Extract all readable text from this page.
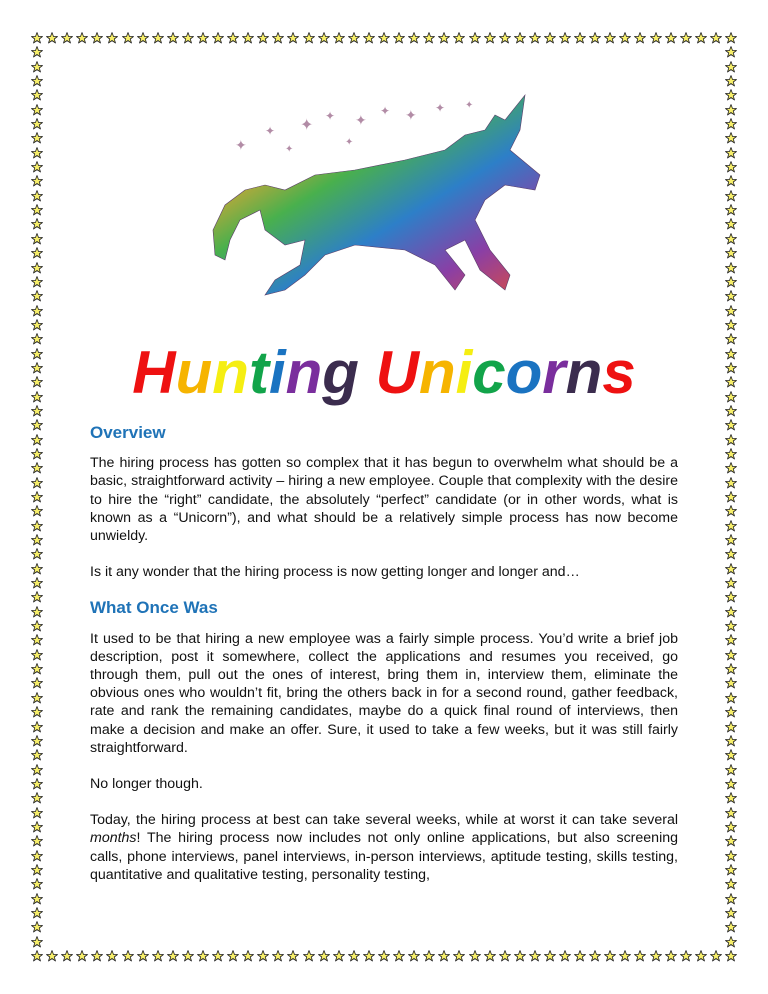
✦
✦ ✦
✦ ✦
✦ ✦ ✦ ✦
✦
✦
Hunting Unicorns
Overview

The hiring process has gotten so complex that it has begun to overwhelm what should be a basic, straightforward activity – hiring a new employee. Couple that complexity with the desire to hire the “right” candidate, the absolutely “perfect” candidate (or in other words, what is known as a “Unicorn”), and what should be a relatively simple process has now become unwieldy.

Is it any wonder that the hiring process is now getting longer and longer and…

What Once Was

It used to be that hiring a new employee was a fairly simple process. You’d write a brief job description, post it somewhere, collect the applications and resumes you received, go through them, pull out the ones of interest, bring them in, interview them, eliminate the obvious ones who wouldn’t fit, bring the others back in for a second round, gather feedback, rate and rank the remaining candidates, maybe do a quick final round of interviews, then make a decision and make an offer. Sure, it used to take a few weeks, but it was still fairly straightforward.

No longer though.

Today, the hiring process at best can take several weeks, while at worst it can take several months! The hiring process now includes not only online applications, but also screening calls, phone interviews, panel interviews, in-person interviews, aptitude testing, skills testing, quantitative and qualitative testing, personality testing,
